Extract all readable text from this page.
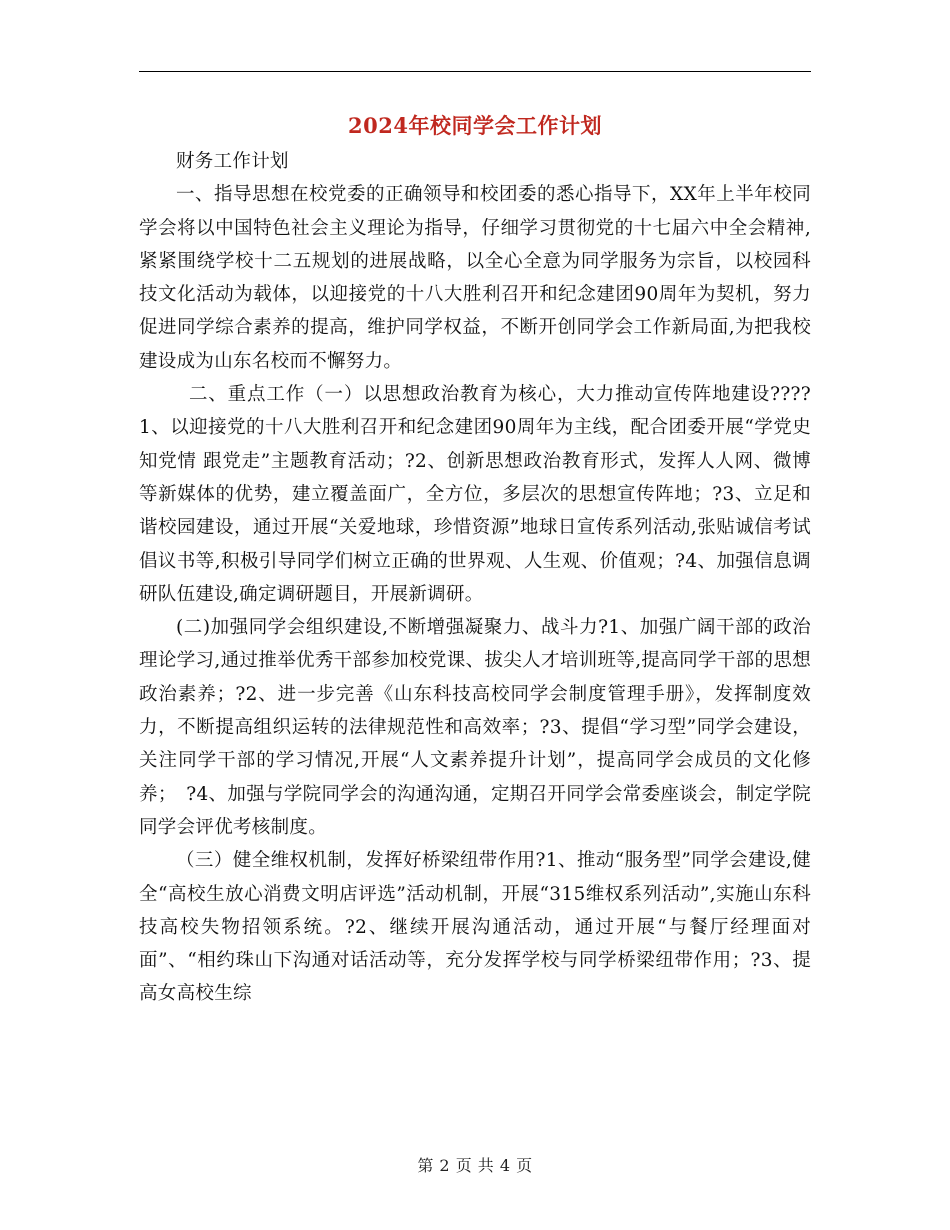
2024年校同学会工作计划

财务工作计划

一、指导思想在校党委的正确领导和校团委的悉心指导下，XX年上半年校同学会将以中国特色社会主义理论为指导，仔细学习贯彻党的十七届六中全会精神,紧紧围绕学校十二五规划的进展战略，以全心全意为同学服务为宗旨，以校园科技文化活动为载体，以迎接党的十八大胜利召开和纪念建团90周年为契机，努力促进同学综合素养的提高，维护同学权益，不断开创同学会工作新局面,为把我校建设成为山东名校而不懈努力。

二、重点工作（一）以思想政治教育为核心，大力推动宣传阵地建设???? 1、以迎接党的十八大胜利召开和纪念建团90周年为主线，配合团委开展“学党史知党情 跟党走”主题教育活动；?2、创新思想政治教育形式，发挥人人网、微博等新媒体的优势，建立覆盖面广，全方位，多层次的思想宣传阵地；?3、立足和谐校园建设，通过开展“关爱地球，珍惜资源”地球日宣传系列活动,张贴诚信考试倡议书等,积极引导同学们树立正确的世界观、人生观、价值观；?4、加强信息调研队伍建设,确定调研题目，开展新调研。

(二)加强同学会组织建设,不断增强凝聚力、战斗力?1、加强广阔干部的政治理论学习,通过推举优秀干部参加校党课、拔尖人才培训班等,提高同学干部的思想政治素养；?2、进一步完善《山东科技高校同学会制度管理手册》，发挥制度效力，不断提高组织运转的法律规范性和高效率；?3、提倡“学习型”同学会建设，关注同学干部的学习情况,开展“人文素养提升计划”，提高同学会成员的文化修养；　?4、加强与学院同学会的沟通沟通，定期召开同学会常委座谈会，制定学院同学会评优考核制度。

（三）健全维权机制，发挥好桥梁纽带作用?1、推动“服务型”同学会建设,健全“高校生放心消费文明店评选”活动机制，开展“315维权系列活动”,实施山东科技高校失物招领系统。?2、继续开展沟通活动，通过开展“与餐厅经理面对面”、“相约珠山下沟通对话活动等，充分发挥学校与同学桥梁纽带作用；?3、提高女高校生综

第 2 页 共 4 页
